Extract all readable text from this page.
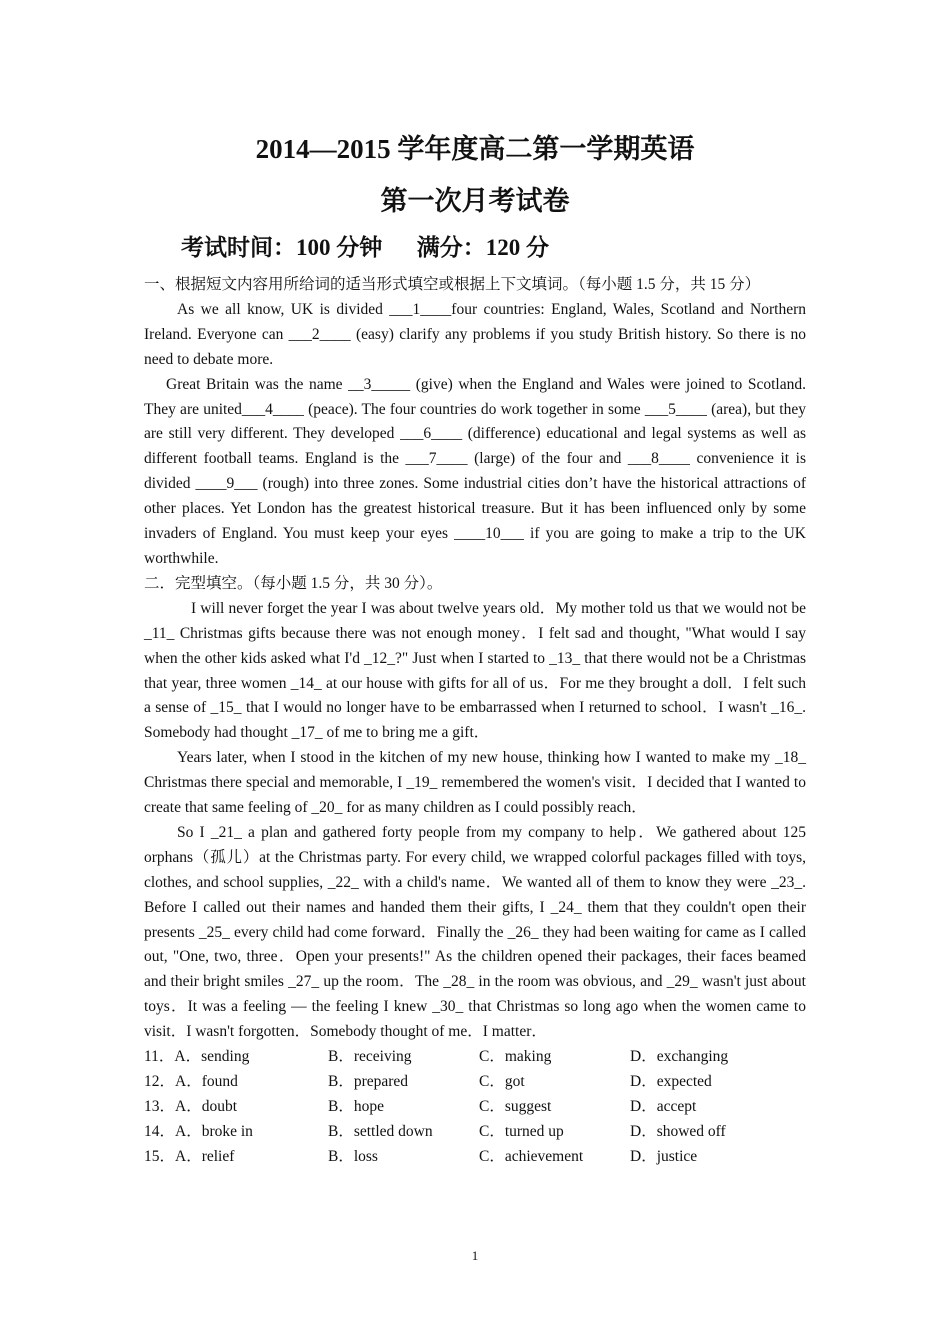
2014—2015 学年度高二第一学期英语
第一次月考试卷
考试时间：100 分钟      满分：120 分

一、根据短文内容用所给词的适当形式填空或根据上下文填词。（每小题 1.5 分，共 15 分）

As we all know, UK is divided ___1____four countries: England, Wales, Scotland and Northern Ireland. Everyone can ___2____ (easy) clarify any problems if you study British history. So there is no need to debate more.

Great Britain was the name __3_____ (give) when the England and Wales were joined to Scotland. They are united___4____ (peace). The four countries do work together in some ___5____ (area), but they are still very different. They developed ___6____ (difference) educational and legal systems as well as different football teams. England is the ___7____ (large) of the four and ___8____ convenience it is divided ____9___ (rough) into three zones. Some industrial cities don’t have the historical attractions of other places. Yet London has the greatest historical treasure. But it has been influenced only by some invaders of England. You must keep your eyes ____10___ if you are going to make a trip to the UK worthwhile.

二．完型填空。（每小题 1.5 分，共 30 分）。

I will never forget the year I was about twelve years old．My mother told us that we would not be _11_ Christmas gifts because there was not enough money．I felt sad and thought, "What would I say when the other kids asked what I'd _12_?" Just when I started to _13_ that there would not be a Christmas that year, three women _14_ at our house with gifts for all of us．For me they brought a doll．I felt such a sense of _15_ that I would no longer have to be embarrassed when I returned to school．I wasn't _16_. Somebody had thought _17_ of me to bring me a gift．

Years later, when I stood in the kitchen of my new house, thinking how I wanted to make my _18_ Christmas there special and memorable, I _19_ remembered the women's visit．I decided that I wanted to create that same feeling of _20_ for as many children as I could possibly reach．

So I _21_ a plan and gathered forty people from my company to help．We gathered about 125 orphans（孤儿）at the Christmas party. For every child, we wrapped colorful packages filled with toys, clothes, and school supplies, _22_ with a child's name．We wanted all of them to know they were _23_. Before I called out their names and handed them their gifts, I _24_ them that they couldn't open their presents _25_ every child had come forward．Finally the _26_ they had been waiting for came as I called out, "One, two, three．Open your presents!" As the children opened their packages, their faces beamed and their bright smiles _27_ up the room．The _28_ in the room was obvious, and _29_ wasn't just about toys．It was a feeling — the feeling I knew _30_ that Christmas so long ago when the women came to visit．I wasn't forgotten．Somebody thought of me．I matter．

11．A．sending	B．receiving	C．making	D．exchanging
12．A．found	B．prepared	C．got	D．expected
13．A．doubt	B．hope	C．suggest	D．accept
14．A．broke in	B．settled down	C．turned up	D．showed off
15．A．relief	B．loss	C．achievement	D．justice
1
